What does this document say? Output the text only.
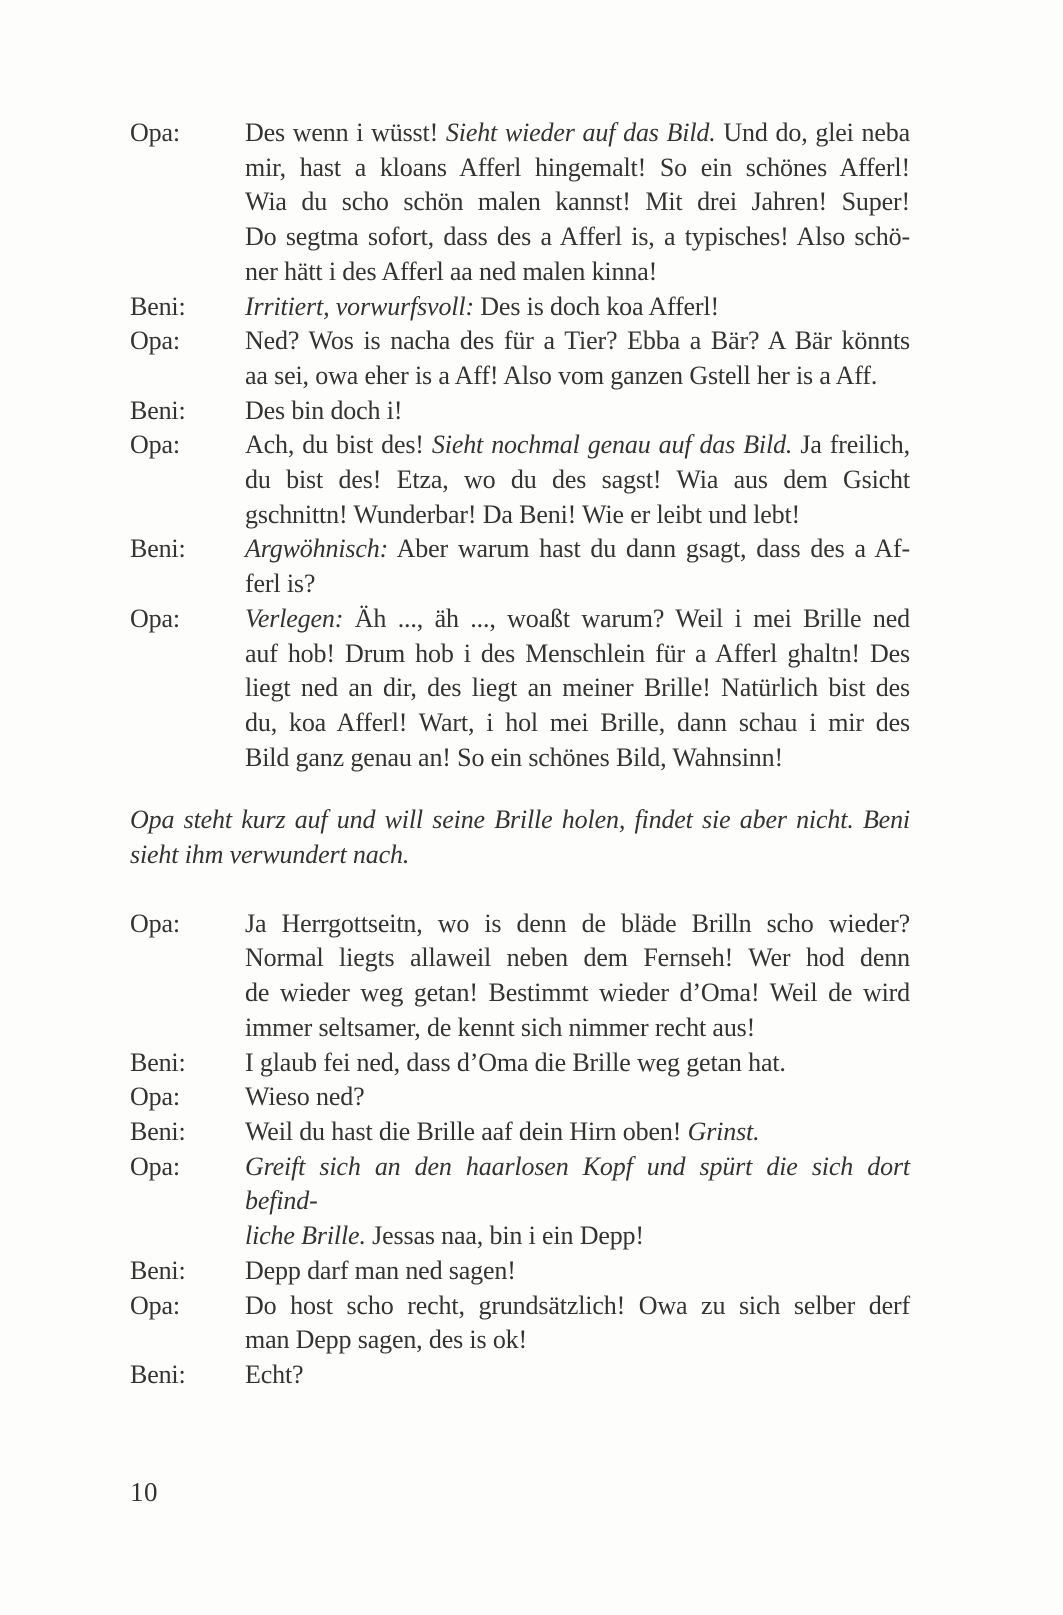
Opa:	Des wenn i wüsst! Sieht wieder auf das Bild. Und do, glei neba
mir, hast a kloans Afferl hingemalt! So ein schönes Afferl!
Wia du scho schön malen kannst! Mit drei Jahren! Super!
Do segtma sofort, dass des a Afferl is, a typisches! Also schö-
ner hätt i des Afferl aa ned malen kinna!
Beni:	Irritiert, vorwurfsvoll: Des is doch koa Afferl!
Opa:	Ned? Wos is nacha des für a Tier? Ebba a Bär? A Bär könnts
aa sei, owa eher is a Aff! Also vom ganzen Gstell her is a Aff.
Beni:	Des bin doch i!
Opa:	Ach, du bist des! Sieht nochmal genau auf das Bild. Ja freilich,
du bist des! Etza, wo du des sagst! Wia aus dem Gsicht
gschnittn! Wunderbar! Da Beni! Wie er leibt und lebt!
Beni:	Argwöhnisch: Aber warum hast du dann gsagt, dass des a Af-
ferl is?
Opa:	Verlegen: Äh ..., äh ..., woaßt warum? Weil i mei Brille ned
auf hob! Drum hob i des Menschlein für a Afferl ghaltn! Des
liegt ned an dir, des liegt an meiner Brille! Natürlich bist des
du, koa Afferl! Wart, i hol mei Brille, dann schau i mir des
Bild ganz genau an! So ein schönes Bild, Wahnsinn!
Opa steht kurz auf und will seine Brille holen, findet sie aber nicht. Beni
sieht ihm verwundert nach.
Opa:	Ja Herrgottseitn, wo is denn de bläde Brilln scho wieder?
Normal liegts allaweil neben dem Fernseh! Wer hod denn
de wieder weg getan! Bestimmt wieder d’Oma! Weil de wird
immer seltsamer, de kennt sich nimmer recht aus!
Beni:	I glaub fei ned, dass d’Oma die Brille weg getan hat.
Opa:	Wieso ned?
Beni:	Weil du hast die Brille aaf dein Hirn oben! Grinst.
Opa:	Greift sich an den haarlosen Kopf und spürt die sich dort befind-
liche Brille. Jessas naa, bin i ein Depp!
Beni:	Depp darf man ned sagen!
Opa:	Do host scho recht, grundsätzlich! Owa zu sich selber derf
man Depp sagen, des is ok!
Beni:	Echt?
10
